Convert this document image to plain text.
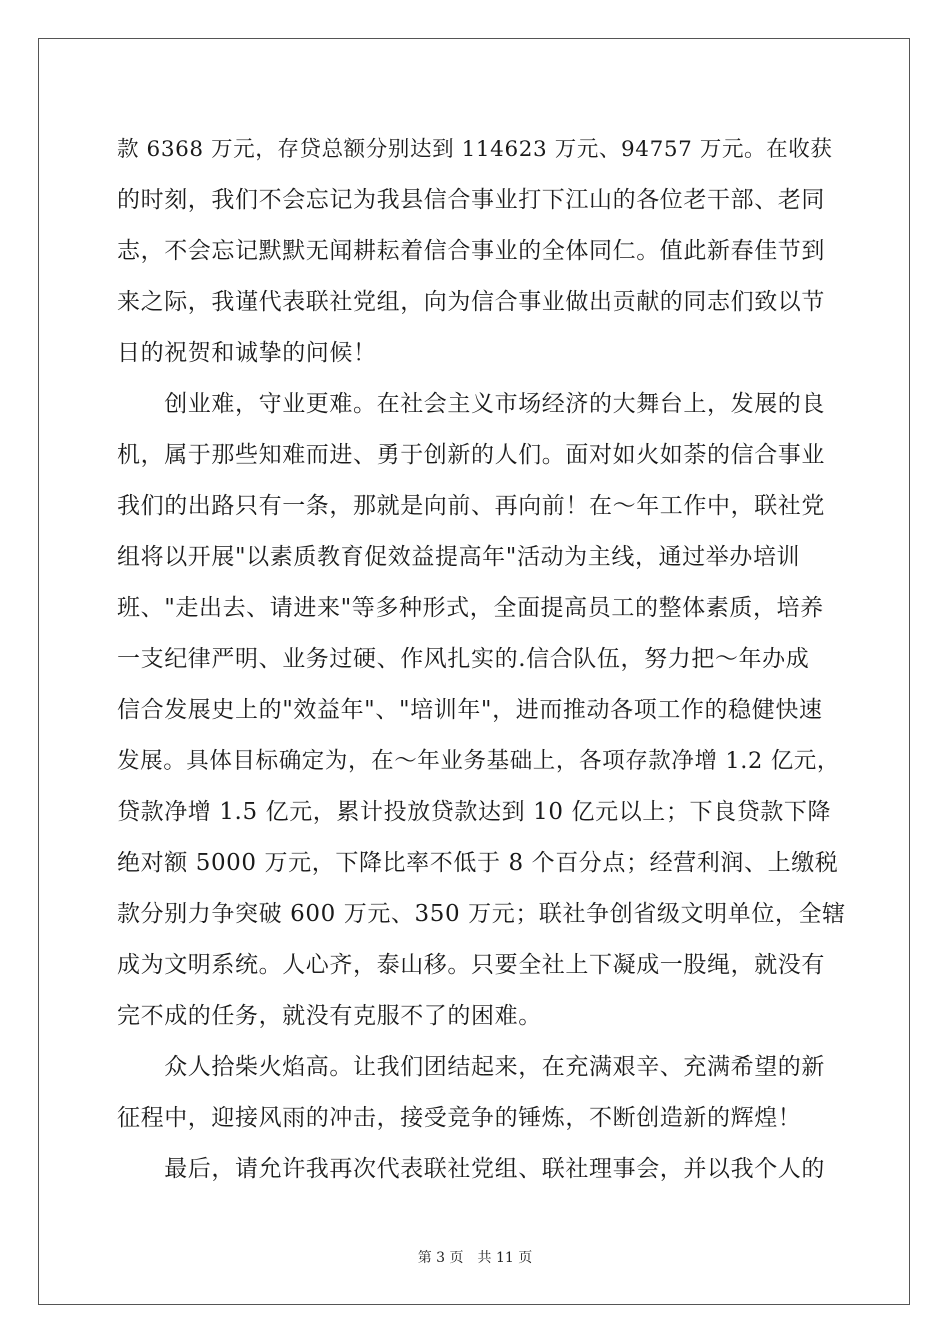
款 6368 万元，存贷总额分别达到 114623 万元、94757 万元。在收获
的时刻，我们不会忘记为我县信合事业打下江山的各位老干部、老同
志，不会忘记默默无闻耕耘着信合事业的全体同仁。值此新春佳节到
来之际，我谨代表联社党组，向为信合事业做出贡献的同志们致以节
日的祝贺和诚挚的问候！
　　创业难，守业更难。在社会主义市场经济的大舞台上，发展的良
机，属于那些知难而进、勇于创新的人们。面对如火如荼的信合事业
我们的出路只有一条，那就是向前、再向前！在～年工作中，联社党
组将以开展"以素质教育促效益提高年"活动为主线，通过举办培训
班、"走出去、请进来"等多种形式，全面提高员工的整体素质，培养
一支纪律严明、业务过硬、作风扎实的.信合队伍，努力把～年办成
信合发展史上的"效益年"、"培训年"，进而推动各项工作的稳健快速
发展。具体目标确定为，在～年业务基础上，各项存款净增 1.2 亿元，
贷款净增 1.5 亿元，累计投放贷款达到 10 亿元以上；下良贷款下降
绝对额 5000 万元，下降比率不低于 8 个百分点；经营利润、上缴税
款分别力争突破 600 万元、350 万元；联社争创省级文明单位，全辖
成为文明系统。人心齐，泰山移。只要全社上下凝成一股绳，就没有
完不成的任务，就没有克服不了的困难。
　　众人拾柴火焰高。让我们团结起来，在充满艰辛、充满希望的新
征程中，迎接风雨的冲击，接受竞争的锤炼，不断创造新的辉煌！
　　最后，请允许我再次代表联社党组、联社理事会，并以我个人的
第 3 页 共 11 页
